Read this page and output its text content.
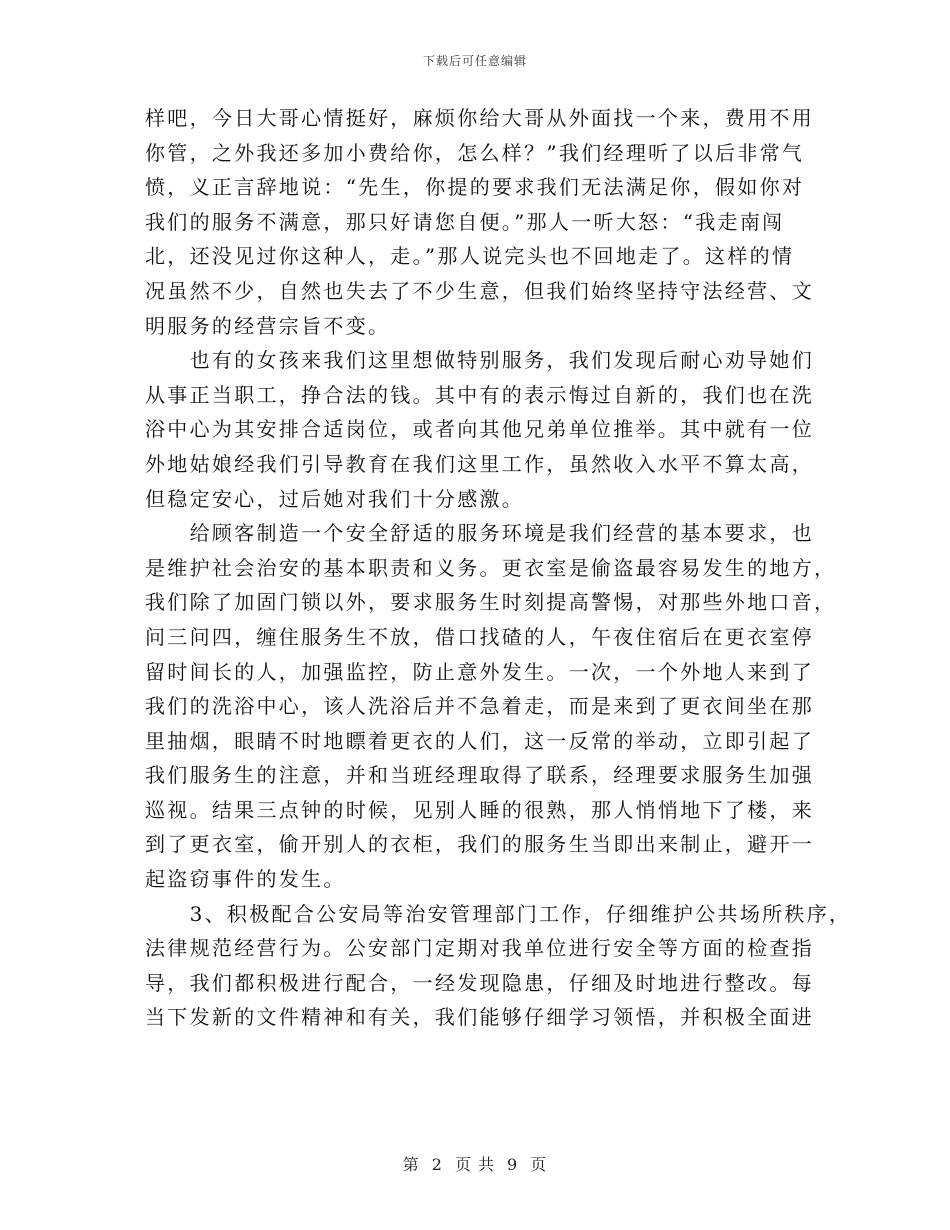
下载后可任意编辑
样吧，今日大哥心情挺好，麻烦你给大哥从外面找一个来，费用不用
你管，之外我还多加小费给你，怎么样？”我们经理听了以后非常气
愤，义正言辞地说：“先生，你提的要求我们无法满足你，假如你对
我们的服务不满意，那只好请您自便。”那人一听大怒：“我走南闯
北，还没见过你这种人，走。”那人说完头也不回地走了。这样的情
况虽然不少，自然也失去了不少生意，但我们始终坚持守法经营、文
明服务的经营宗旨不变。
　　也有的女孩来我们这里想做特别服务，我们发现后耐心劝导她们
从事正当职工，挣合法的钱。其中有的表示悔过自新的，我们也在洗
浴中心为其安排合适岗位，或者向其他兄弟单位推举。其中就有一位
外地姑娘经我们引导教育在我们这里工作，虽然收入水平不算太高，
但稳定安心，过后她对我们十分感激。
　　给顾客制造一个安全舒适的服务环境是我们经营的基本要求，也
是维护社会治安的基本职责和义务。更衣室是偷盗最容易发生的地方，
我们除了加固门锁以外，要求服务生时刻提高警惕，对那些外地口音，
问三问四，缠住服务生不放，借口找碴的人，午夜住宿后在更衣室停
留时间长的人，加强监控，防止意外发生。一次，一个外地人来到了
我们的洗浴中心，该人洗浴后并不急着走，而是来到了更衣间坐在那
里抽烟，眼睛不时地瞟着更衣的人们，这一反常的举动，立即引起了
我们服务生的注意，并和当班经理取得了联系，经理要求服务生加强
巡视。结果三点钟的时候，见别人睡的很熟，那人悄悄地下了楼，来
到了更衣室，偷开别人的衣柜，我们的服务生当即出来制止，避开一
起盗窃事件的发生。
　　3、积极配合公安局等治安管理部门工作，仔细维护公共场所秩序，
法律规范经营行为。公安部门定期对我单位进行安全等方面的检查指
导，我们都积极进行配合，一经发现隐患，仔细及时地进行整改。每
当下发新的文件精神和有关，我们能够仔细学习领悟，并积极全面进
第 2 页 共 9 页
